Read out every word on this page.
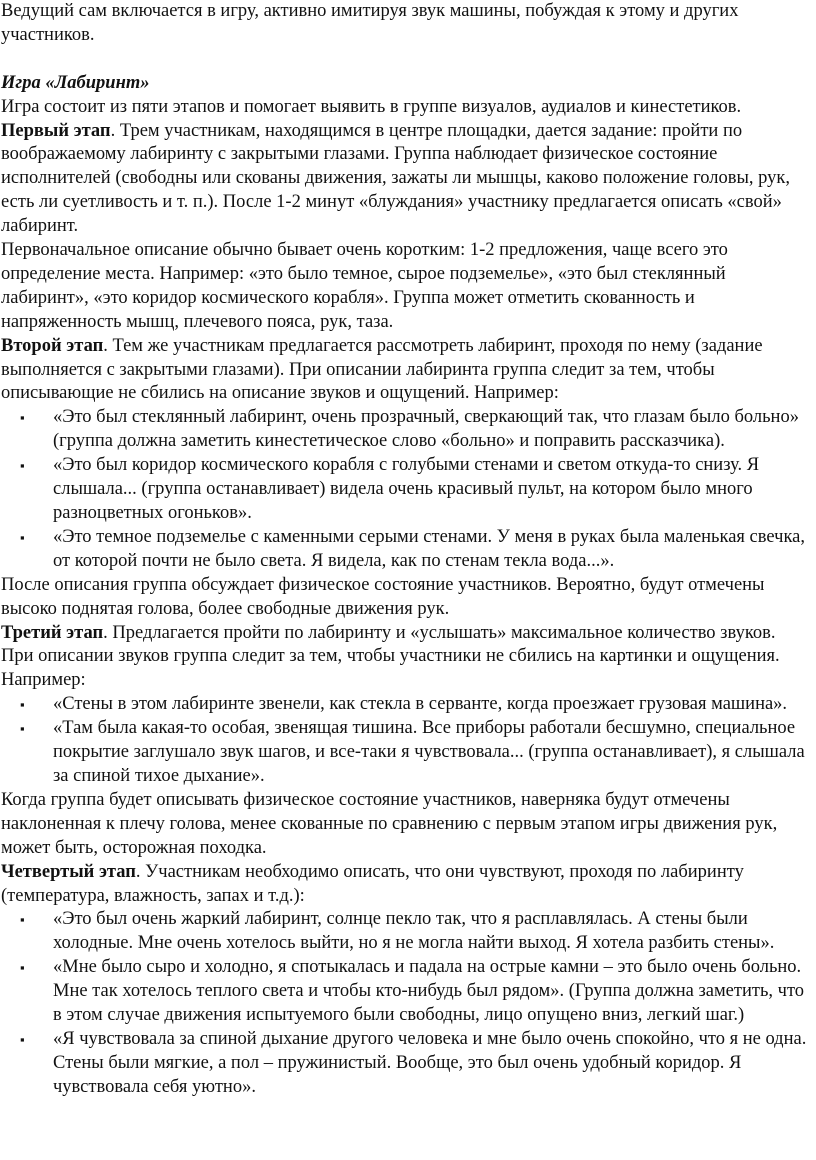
Ведущий сам включается в игру, активно имитируя звук машины, побуждая к этому и других участников.

Игра «Лабиринт»

Игра состоит из пяти этапов и помогает выявить в группе визуалов, аудиалов и кинестетиков.

Первый этап. Трем участникам, находящимся в центре площадки, дается задание: пройти по воображаемому лабиринту с закрытыми глазами. Группа наблюдает физическое состояние исполнителей (свободны или скованы движения, зажаты ли мышцы, каково положение головы, рук, есть ли суетливость и т. п.). После 1-2 минут «блуждания» участнику предлагается описать «свой» лабиринт.

Первоначальное описание обычно бывает очень коротким: 1-2 предложения, чаще всего это определение места. Например: «это было темное, сырое подземелье», «это был стеклянный лабиринт», «это коридор космического корабля». Группа может отметить скованность и напряженность мышц, плечевого пояса, рук, таза.

Второй этап. Тем же участникам предлагается рассмотреть лабиринт, проходя по нему (задание выполняется с закрытыми глазами). При описании лабиринта группа следит за тем, чтобы описывающие не сбились на описание звуков и ощущений. Например:

▪ «Это был стеклянный лабиринт, очень прозрачный, сверкающий так, что глазам было больно» (группа должна заметить кинестетическое слово «больно» и поправить рассказчика).
▪ «Это был коридор космического корабля с голубыми стенами и светом откуда-то снизу. Я слышала... (группа останавливает) видела очень красивый пульт, на котором было много разноцветных огоньков».
▪ «Это темное подземелье с каменными серыми стенами. У меня в руках была маленькая свечка, от которой почти не было света. Я видела, как по стенам текла вода...».

После описания группа обсуждает физическое состояние участников. Вероятно, будут отмечены высоко поднятая голова, более свободные движения рук.

Третий этап. Предлагается пройти по лабиринту и «услышать» максимальное количество звуков. При описании звуков группа следит за тем, чтобы участники не сбились на картинки и ощущения. Например:

▪ «Стены в этом лабиринте звенели, как стекла в серванте, когда проезжает грузовая машина».
▪ «Там была какая-то особая, звенящая тишина. Все приборы работали бесшумно, специальное покрытие заглушало звук шагов, и все-таки я чувствовала... (группа останавливает), я слышала за спиной тихое дыхание».

Когда группа будет описывать физическое состояние участников, наверняка будут отмечены наклоненная к плечу голова, менее скованные по сравнению с первым этапом игры движения рук, может быть, осторожная походка.

Четвертый этап. Участникам необходимо описать, что они чувствуют, проходя по лабиринту (температура, влажность, запах и т.д.):

▪ «Это был очень жаркий лабиринт, солнце пекло так, что я расплавлялась. А стены были холодные. Мне очень хотелось выйти, но я не могла найти выход. Я хотела разбить стены».
▪ «Мне было сыро и холодно, я спотыкалась и падала на острые камни – это было очень больно. Мне так хотелось теплого света и чтобы кто-нибудь был рядом». (Группа должна заметить, что в этом случае движения испытуемого были свободны, лицо опущено вниз, легкий шаг.)
▪ «Я чувствовала за спиной дыхание другого человека и мне было очень спокойно, что я не одна. Стены были мягкие, а пол – пружинистый. Вообще, это был очень удобный коридор. Я чувствовала себя уютно».
